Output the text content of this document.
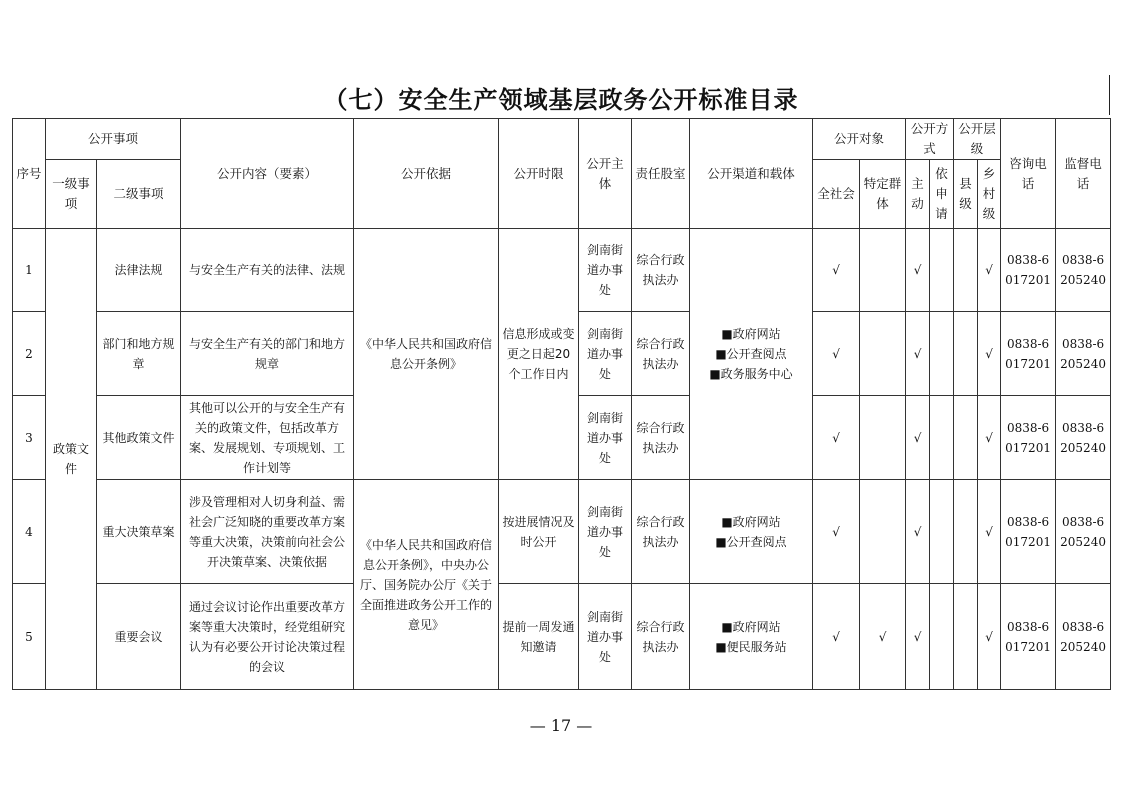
（七）安全生产领域基层政务公开标准目录
序号	公开事项		公开内容（要素）	公开依据	公开时限	公开主体	责任股室	公开渠道和载体	公开对象		公开方式		公开层级		咨询电话	监督电话

	一级事项	二级事项							全社会	特定群体	主动	依申请	县级	乡村级		

1	政策文件	法律法规	与安全生产有关的法律、法规	《中华人民共和国政府信息公开条例》	信息形成或变更之日起20个工作日内	剑南街道办事处	综合行政执法办	■政府网站
■公开查阅点
■政务服务中心	√		√			√	0838-6017201	0838-6205240

2		部门和地方规章	与安全生产有关的部门和地方规章			剑南街道办事处	综合行政执法办		√		√			√	0838-6017201	0838-6205240

3		其他政策文件	其他可以公开的与安全生产有关的政策文件，包括改革方案、发展规划、专项规划、工作计划等			剑南街道办事处	综合行政执法办		√		√			√	0838-6017201	0838-6205240

4		重大决策草案	涉及管理相对人切身利益、需社会广泛知晓的重要改革方案等重大决策，决策前向社会公开决策草案、决策依据	《中华人民共和国政府信息公开条例》，中央办公厅、国务院办公厅《关于全面推进政务公开工作的意见》	按进展情况及时公开	剑南街道办事处	综合行政执法办	■政府网站
■公开查阅点	√		√			√	0838-6017201	0838-6205240

5		重要会议	通过会议讨论作出重要改革方案等重大决策时，经党组研究认为有必要公开讨论决策过程的会议		提前一周发通知邀请	剑南街道办事处	综合行政执法办	■政府网站
■便民服务站	√	√	√			√	0838-6017201	0838-6205240
— 17 —
